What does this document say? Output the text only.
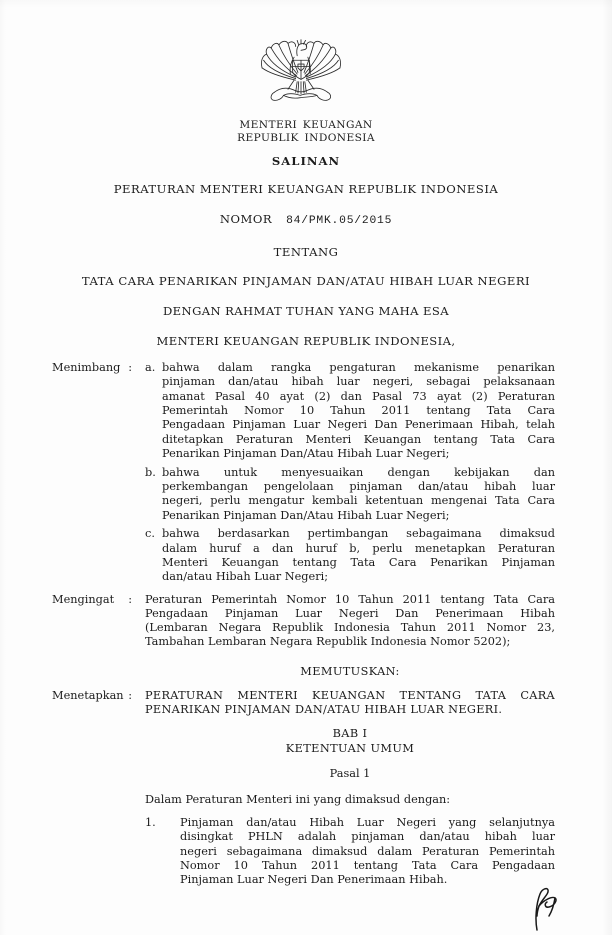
MENTERI KEUANGAN
REPUBLIK INDONESIA
SALINAN
PERATURAN MENTERI KEUANGAN REPUBLIK INDONESIA
NOMOR 84/PMK.05/2015
TENTANG
TATA CARA PENARIKAN PINJAMAN DAN/ATAU HIBAH LUAR NEGERI
DENGAN RAHMAT TUHAN YANG MAHA ESA
MENTERI KEUANGAN REPUBLIK INDONESIA,
Menimbang : a. bahwa dalam rangka pengaturan mekanisme penarikan
pinjaman dan/atau hibah luar negeri, sebagai pelaksanaan
amanat Pasal 40 ayat (2) dan Pasal 73 ayat (2) Peraturan
Pemerintah Nomor 10 Tahun 2011 tentang Tata Cara
Pengadaan Pinjaman Luar Negeri Dan Penerimaan Hibah, telah
ditetapkan Peraturan Menteri Keuangan tentang Tata Cara
Penarikan Pinjaman Dan/Atau Hibah Luar Negeri;
b. bahwa untuk menyesuaikan dengan kebijakan dan
perkembangan pengelolaan pinjaman dan/atau hibah luar
negeri, perlu mengatur kembali ketentuan mengenai Tata Cara
Penarikan Pinjaman Dan/Atau Hibah Luar Negeri;
c. bahwa berdasarkan pertimbangan sebagaimana dimaksud
dalam huruf a dan huruf b, perlu menetapkan Peraturan
Menteri Keuangan tentang Tata Cara Penarikan Pinjaman
dan/atau Hibah Luar Negeri;
Mengingat : Peraturan Pemerintah Nomor 10 Tahun 2011 tentang Tata Cara
Pengadaan Pinjaman Luar Negeri Dan Penerimaan Hibah
(Lembaran Negara Republik Indonesia Tahun 2011 Nomor 23,
Tambahan Lembaran Negara Republik Indonesia Nomor 5202);
MEMUTUSKAN:
Menetapkan : PERATURAN MENTERI KEUANGAN TENTANG TATA CARA
PENARIKAN PINJAMAN DAN/ATAU HIBAH LUAR NEGERI.
BAB I
KETENTUAN UMUM
Pasal 1
Dalam Peraturan Menteri ini yang dimaksud dengan:
1.	Pinjaman dan/atau Hibah Luar Negeri yang selanjutnya
disingkat PHLN adalah pinjaman dan/atau hibah luar
negeri sebagaimana dimaksud dalam Peraturan Pemerintah
Nomor 10 Tahun 2011 tentang Tata Cara Pengadaan
Pinjaman Luar Negeri Dan Penerimaan Hibah.
